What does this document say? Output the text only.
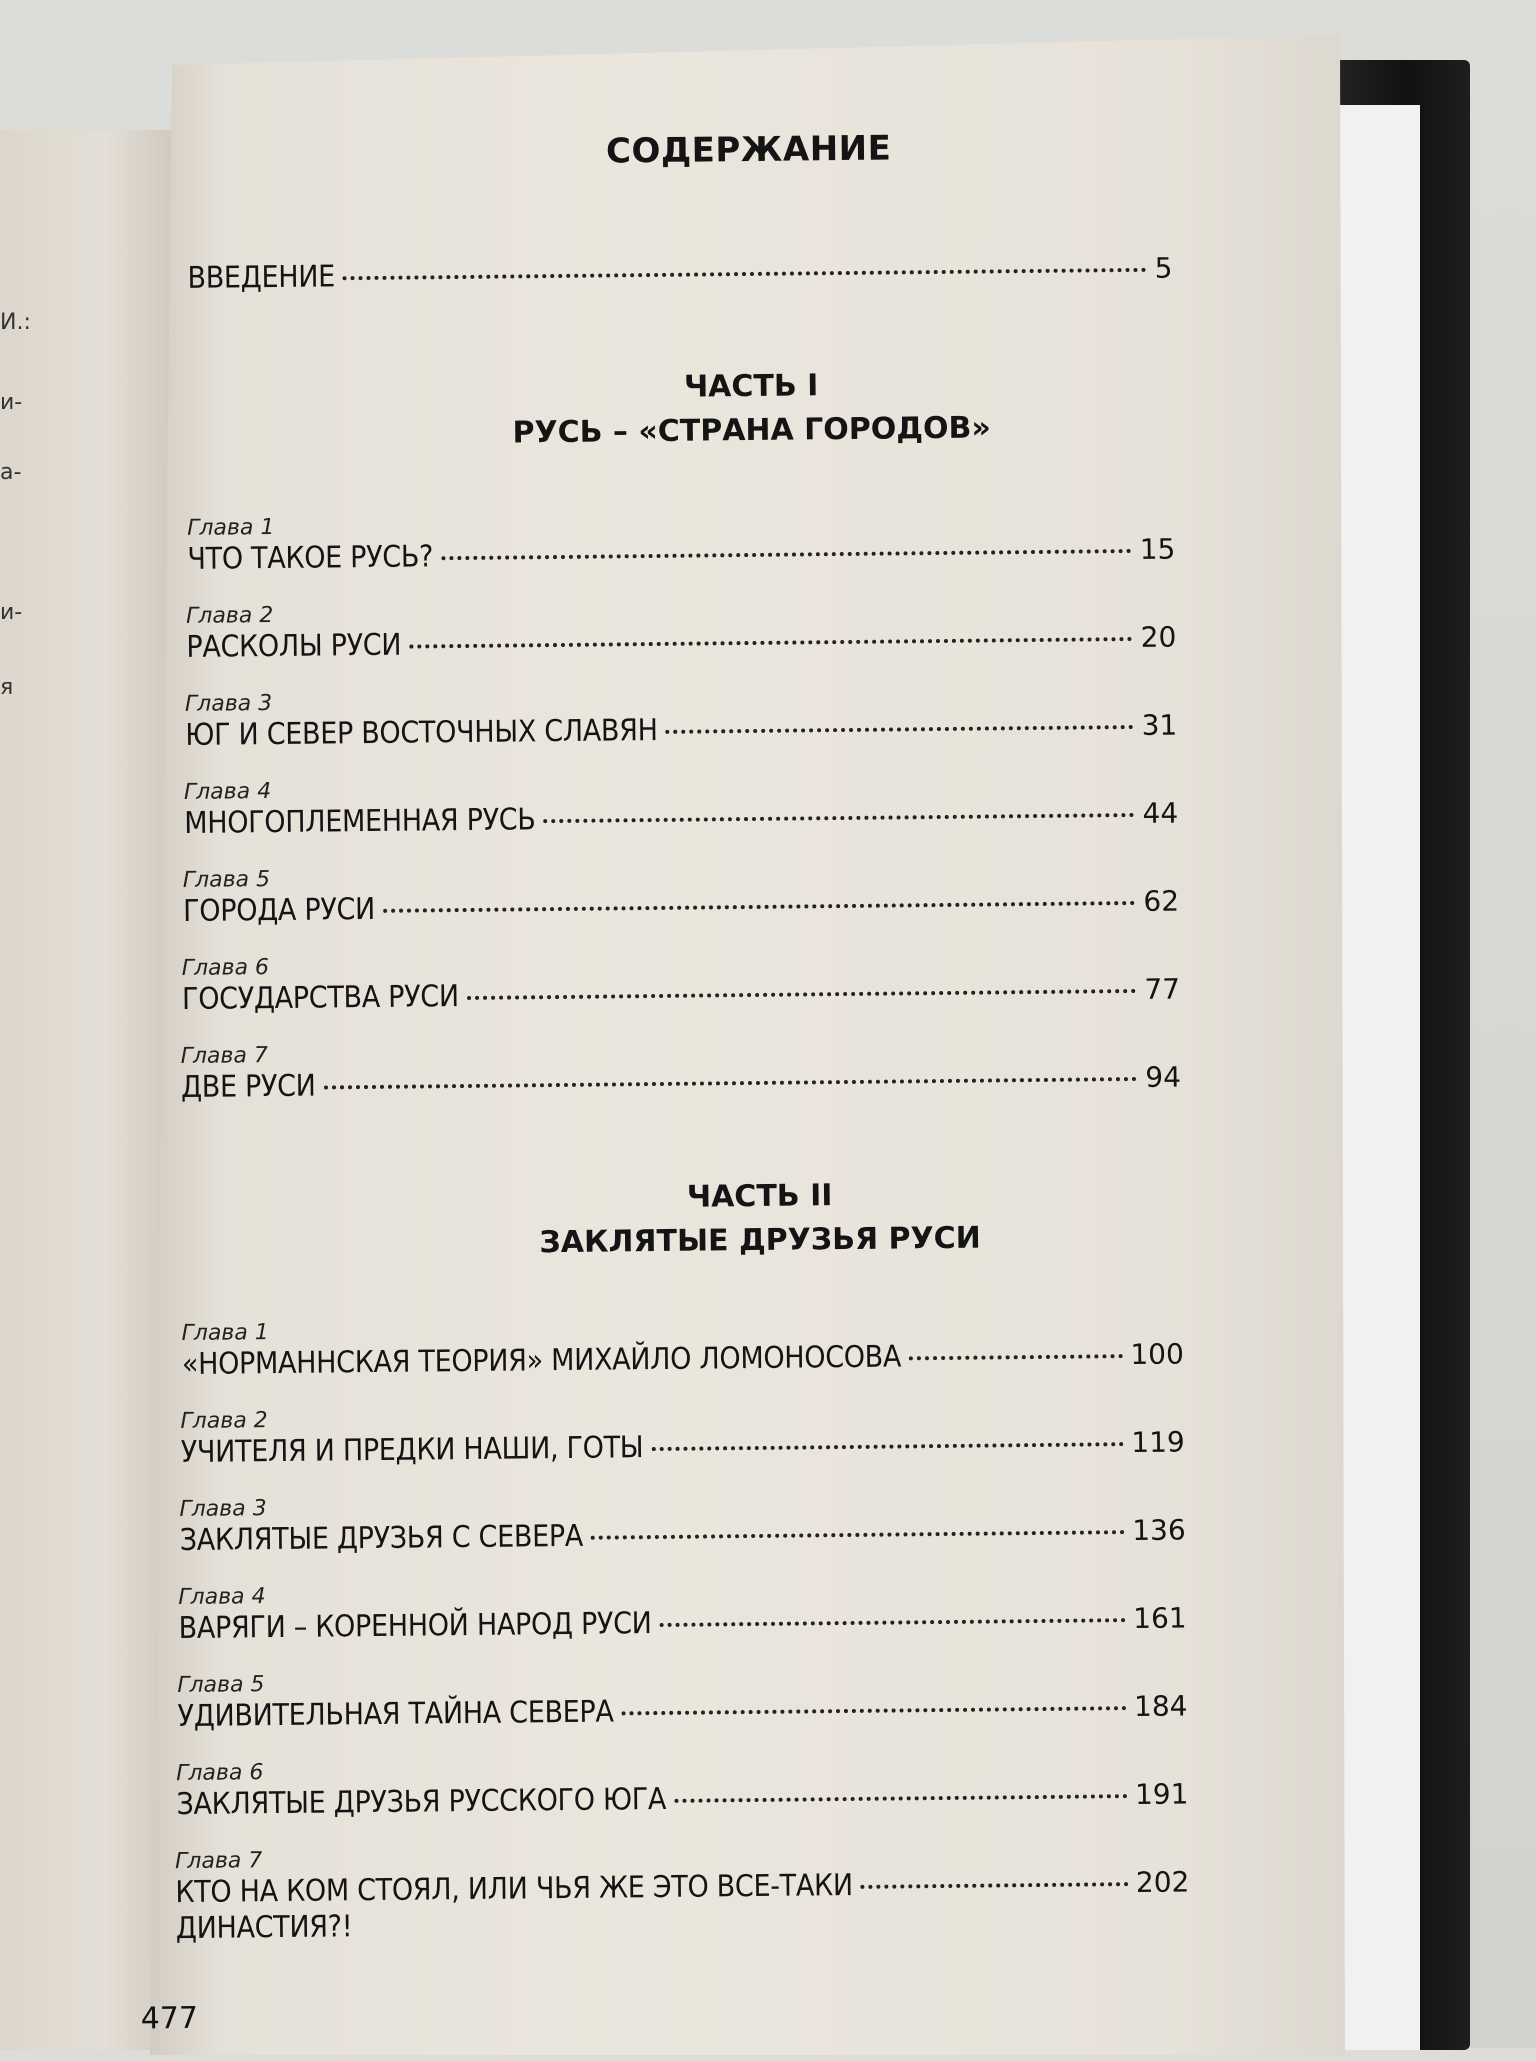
И.:
и-
а-
и-
я
СОДЕРЖАНИЕ
ВВЕДЕНИЕ	5
ЧАСТЬ I
РУСЬ – «СТРАНА ГОРОДОВ»
Глава 1
ЧТО ТАКОЕ РУСЬ?	15
Глава 2
РАСКОЛЫ РУСИ	20
Глава 3
ЮГ И СЕВЕР ВОСТОЧНЫХ СЛАВЯН	31
Глава 4
МНОГОПЛЕМЕННАЯ РУСЬ	44
Глава 5
ГОРОДА РУСИ	62
Глава 6
ГОСУДАРСТВА РУСИ	77
Глава 7
ДВЕ РУСИ	94
ЧАСТЬ II
ЗАКЛЯТЫЕ ДРУЗЬЯ РУСИ
Глава 1
«НОРМАННСКАЯ ТЕОРИЯ» МИХАЙЛО ЛОМОНОСОВА	100
Глава 2
УЧИТЕЛЯ И ПРЕДКИ НАШИ, ГОТЫ	119
Глава 3
ЗАКЛЯТЫЕ ДРУЗЬЯ С СЕВЕРА	136
Глава 4
ВАРЯГИ – КОРЕННОЙ НАРОД РУСИ	161
Глава 5
УДИВИТЕЛЬНАЯ ТАЙНА СЕВЕРА	184
Глава 6
ЗАКЛЯТЫЕ ДРУЗЬЯ РУССКОГО ЮГА	191
Глава 7
КТО НА КОМ СТОЯЛ, ИЛИ ЧЬЯ ЖЕ ЭТО ВСЕ-ТАКИ	202
ДИНАСТИЯ?!
477
